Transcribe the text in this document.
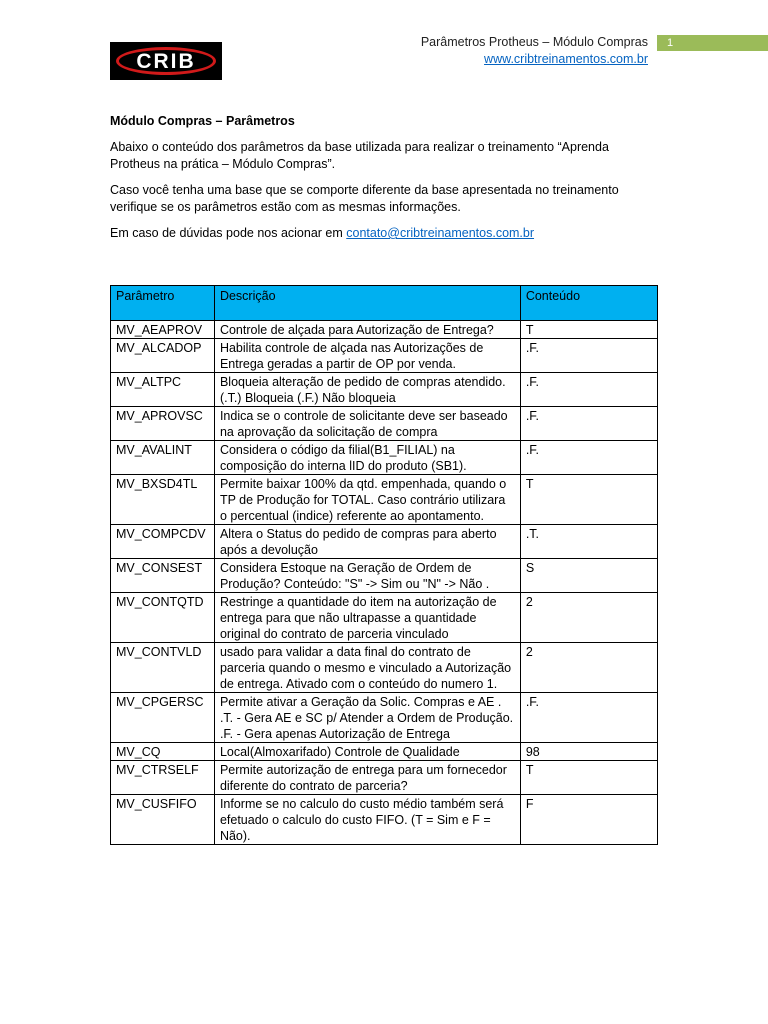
CRIB
Parâmetros Protheus – Módulo Compras
www.cribtreinamentos.com.br
1

Módulo Compras – Parâmetros

Abaixo o conteúdo dos parâmetros da base utilizada para realizar o treinamento “Aprenda Protheus na prática – Módulo Compras”.

Caso você tenha uma base que se comporte diferente da base apresentada no treinamento verifique se os parâmetros estão com as mesmas informações.

Em caso de dúvidas pode nos acionar em contato@cribtreinamentos.com.br

Parâmetro	Descrição	Conteúdo
MV_AEAPROV	Controle de alçada para Autorização de Entrega?	T
MV_ALCADOP	Habilita controle de alçada nas Autorizações de Entrega geradas a partir de OP por venda.	.F.
MV_ALTPC	Bloqueia alteração de pedido de compras atendido.
(.T.) Bloqueia (.F.) Não bloqueia	.F.
MV_APROVSC	Indica se o controle de solicitante deve ser baseado na aprovação da solicitação de compra	.F.
MV_AVALINT	Considera o código da filial(B1_FILIAL) na composição do interna lID do produto (SB1).	.F.
MV_BXSD4TL	Permite baixar 100% da qtd. empenhada, quando o TP de Produção for TOTAL. Caso contrário utilizara o percentual (indice) referente ao apontamento.	T
MV_COMPCDV	Altera o Status do pedido de compras para aberto após a devolução	.T.
MV_CONSEST	Considera Estoque na Geração de Ordem de Produção? Conteúdo: "S" -> Sim ou "N" -> Não .	S
MV_CONTQTD	Restringe a quantidade do item na autorização de entrega para que não ultrapasse a quantidade original do contrato de parceria vinculado	2
MV_CONTVLD	usado para validar a data final do contrato de parceria quando o mesmo e vinculado a Autorização de entrega. Ativado com o conteúdo do numero 1.	2
MV_CPGERSC	Permite ativar a Geração da Solic. Compras e AE .
.T. - Gera AE e SC p/ Atender a Ordem de Produção.
.F. - Gera apenas Autorização de Entrega	.F.
MV_CQ	Local(Almoxarifado) Controle de Qualidade	98
MV_CTRSELF	Permite autorização de entrega para um fornecedor diferente do contrato de parceria?	T
MV_CUSFIFO	Informe se no calculo do custo médio também será efetuado o calculo do custo FIFO. (T = Sim e F = Não).	F
